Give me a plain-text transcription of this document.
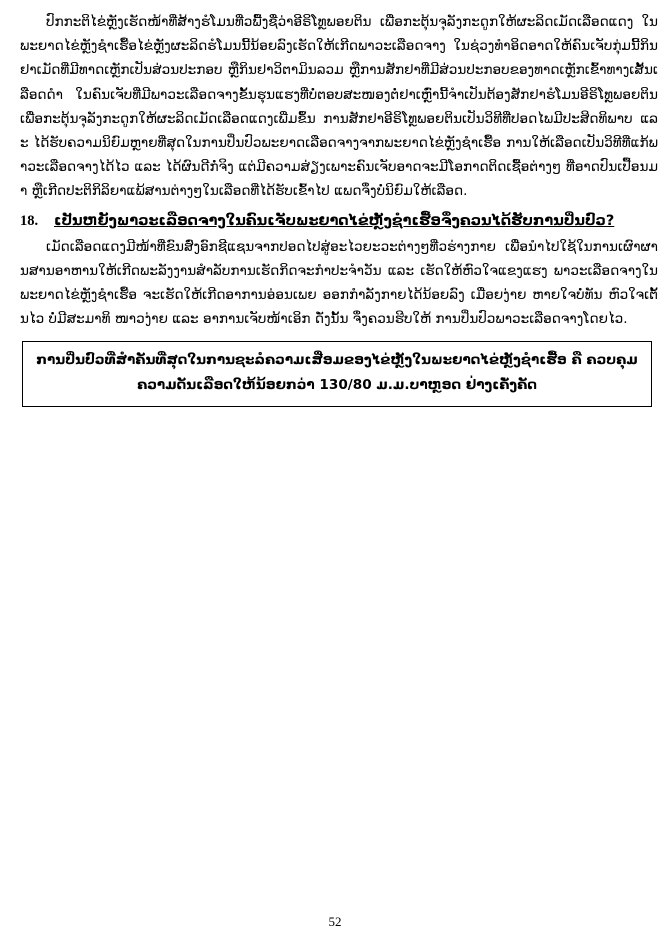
ປົກກະຕິໄຂ່ຫຼັງເຮັດໜ້າທີ່ສ້າງຮໍໂມນທີ່ວພື້ງຊື່ວ່າອີຣິໂທຼພອຍຕິນ ເພື່ອກະຕຸ້ນຈຸລັງກະດູກໃຫ້ຜະລິດເມັດເລືອດແດງ ໃນພະຍາດໄຂ່ຫຼັງຊໍາເຮື້ອໄຂ່ຫຼັງຜະລິດຮໍໂມນນີ້ນ້ອຍລົງເຮັດໃຫ້ເກີດພາວະເລືອດຈາງ ໃນຊ່ວງທໍາອິດອາດໃຫ້ຄົນເຈັບກຸ່ມນີ້ກິນຢາເມັດທີ່ມີທາດເຫຼັກເປັນສ່ວນປະກອບ ຫຼືກິນຢາວິຕາມິນລວມ ຫຼືການສັກຢາທີ່ມີສ່ວນປະກອບຂອງທາດເຫຼັກເຂົ້າທາງເສັ້ນເລືອດດໍາ ໃນຄົນເຈັບທີ່ມີພາວະເລືອດຈາງຂັ້ນຮຸນແຮງທີ່ບໍ່ຕອບສະໜອງຕໍ່ຢາເຫຼົ່ານີ້ຈໍາເປັນຕ້ອງສັກຢາຮໍໂມນອີຣິໂທຼພອຍຕິນ ເພື່ອກະຕຸ້ນຈຸລັງກະດູກໃຫ້ຜະລິດເມັດເລືອດແດງເພີ່ມຂຶ້ນ ການສັກຢາອີຣິໂທຼພອຍຕິນເປັນວິທີທີ່ປອດໄພມີປະສິດທິພາບ ແລະ ໄດ້ຮັບຄວາມນິຍົມຫຼາຍທີ່ສຸດໃນການປິ່ນປົວພະຍາດເລືອດຈາງຈາກພະຍາດໄຂ່ຫຼັງຊໍາເຮື້ອ ການໃຫ້ເລືອດເປັນວິທີທີ່ແກ້ພາວະເລືອດຈາງໄດ້ໄວ ແລະ ໄດ້ຜົນດີກໍ່ຈິງ ແຕ່ມີຄວາມສ່ຽງເພາະຄົນເຈັບອາດຈະມີໂອກາດຕິດເຊື້ອຕ່າງໆ ທີ່ອາດປົນເປື້ອນມາ ຫຼືເກີດປະຕິກິລິຍາແພ້ສານຕ່າງໆໃນເລືອດທີ່ໄດ້ຮັບເຂົ້າໄປ ແພດຈຶ່ງບໍ່ນິຍົມໃຫ້ເລືອດ.

18.	ເປັນຫຍັງພາວະເລືອດຈາງໃນຄົນເຈັບພະຍາດໄຂ່ຫຼັງຊໍາເຮື້ອຈຶ່ງຄວນໄດ້ຮັບການປິ່ນປົວ?

ເມັດເລືອດແດງມີໜ້າທີ່ຂົນສົ່ງອົກຊີແຊນຈາກປອດໄປສູ່ອະໄວຍະວະຕ່າງໆທີ່ວຮ່າງກາຍ ເພື່ອນໍາໄປໃຊ້ໃນການເຜົາຜານສານອາຫານໃຫ້ເກີດພະລັງງານສໍາລັບການເຮັດກິດຈະກໍາປະຈໍາວັນ ແລະ ເຮັດໃຫ້ຫົວໃຈແຂງແຮງ ພາວະເລືອດຈາງໃນພະຍາດໄຂ່ຫຼັງຊໍາເຮື້ອ ຈະເຮັດໃຫ້ເກີດອາການອ່ອນເພຍ ອອກກໍາລັງກາຍໄດ້ນ້ອຍລົງ ເມື່ອຍງ່າຍ ຫາຍໃຈບໍ່ທັນ ຫົວໃຈເຕັ້ນໄວ ບໍ່ມີສະມາທິ ໜາວງ່າຍ ແລະ ອາການເຈັບໜ້າເອິກ ດັ່ງນັ້ນ ຈຶ່ງຄວນຮີບໃຫ້ ການປິ່ນປົວພາວະເລືອດຈາງໂດຍໄວ.

ການປິ່ນປົວທີ່ສໍາຄັນທີ່ສຸດໃນການຊະລໍຄວາມເສື່ອມຂອງໄຂ່ຫຼັງໃນພະຍາດໄຂ່ຫຼັງຊໍາເຮື້ອ ຄື ຄວບຄຸມ
ຄວາມດັນເລືອດໃຫ້ນ້ອຍກວ່າ 130/80 ມ.ມ.ບາຫຼອດ ຢ່າງເຄັ່ງຄັດ
52
